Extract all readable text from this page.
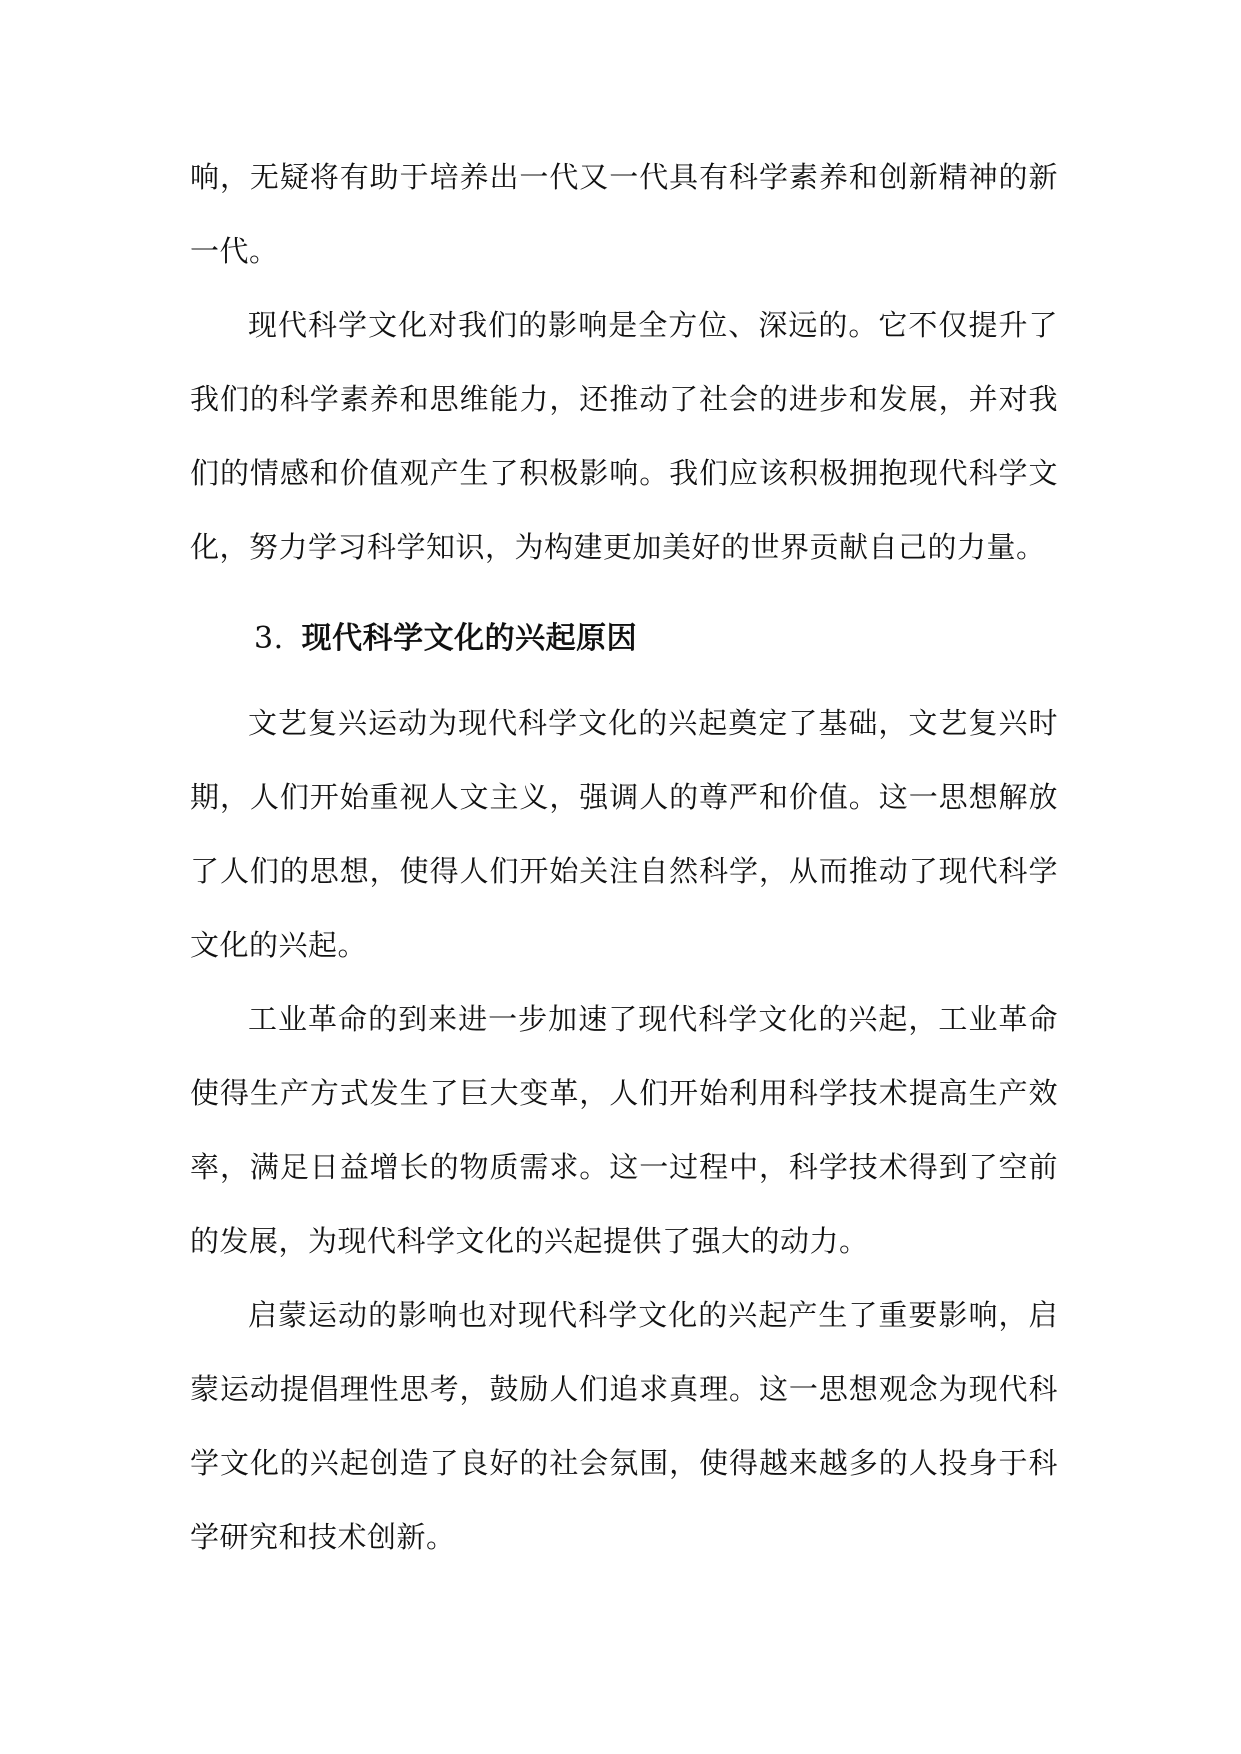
响，无疑将有助于培养出一代又一代具有科学素养和创新精神的新一代。

现代科学文化对我们的影响是全方位、深远的。它不仅提升了我们的科学素养和思维能力，还推动了社会的进步和发展，并对我们的情感和价值观产生了积极影响。我们应该积极拥抱现代科学文化，努力学习科学知识，为构建更加美好的世界贡献自己的力量。

3. 现代科学文化的兴起原因

文艺复兴运动为现代科学文化的兴起奠定了基础，文艺复兴时期，人们开始重视人文主义，强调人的尊严和价值。这一思想解放了人们的思想，使得人们开始关注自然科学，从而推动了现代科学文化的兴起。

工业革命的到来进一步加速了现代科学文化的兴起，工业革命使得生产方式发生了巨大变革，人们开始利用科学技术提高生产效率，满足日益增长的物质需求。这一过程中，科学技术得到了空前的发展，为现代科学文化的兴起提供了强大的动力。

启蒙运动的影响也对现代科学文化的兴起产生了重要影响，启蒙运动提倡理性思考，鼓励人们追求真理。这一思想观念为现代科学文化的兴起创造了良好的社会氛围，使得越来越多的人投身于科学研究和技术创新。
